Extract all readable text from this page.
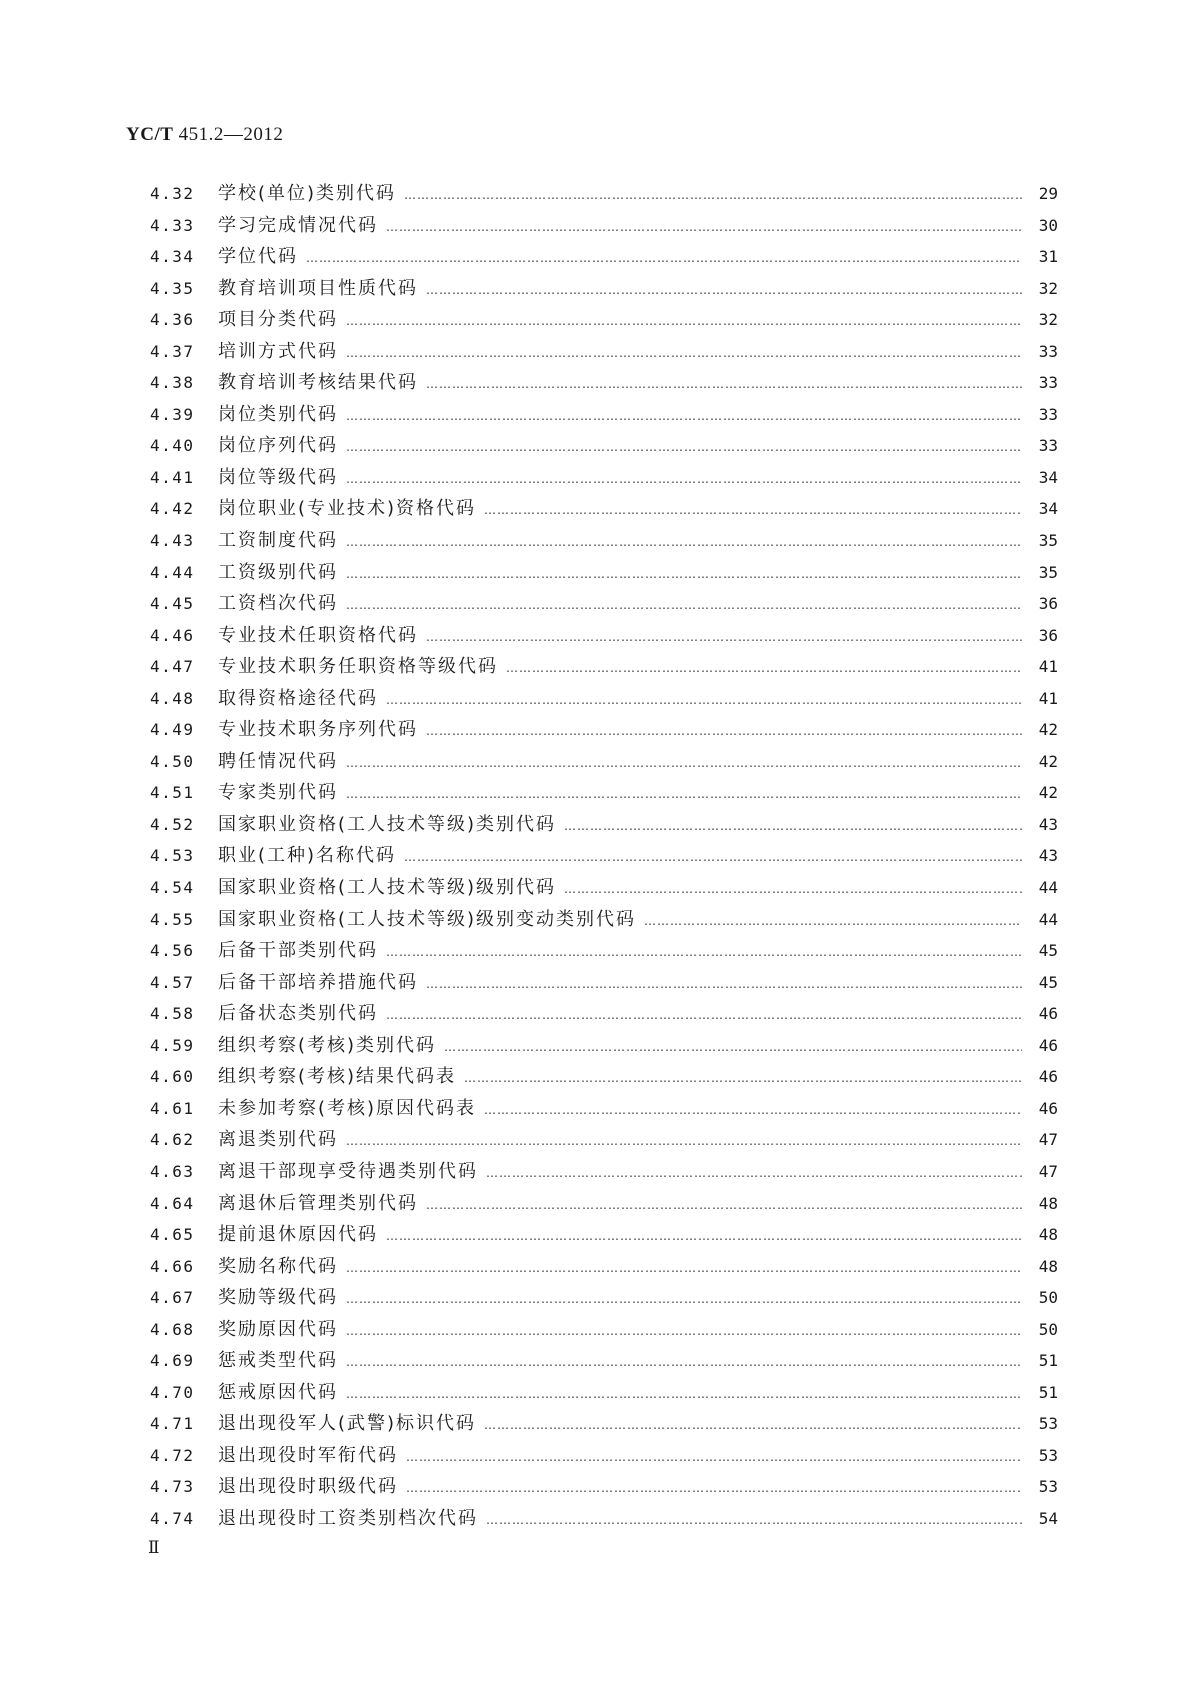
YC/T 451.2—2012
4.32	学校(单位)类别代码 …………………………………………………………………………………………………………………………………………………………………………………………………………………………………………	29
4.33	学习完成情况代码 …………………………………………………………………………………………………………………………………………………………………………………………………………………………………………	30
4.34	学位代码 …………………………………………………………………………………………………………………………………………………………………………………………………………………………………………	31
4.35	教育培训项目性质代码 …………………………………………………………………………………………………………………………………………………………………………………………………………………………………………	32
4.36	项目分类代码 …………………………………………………………………………………………………………………………………………………………………………………………………………………………………………	32
4.37	培训方式代码 …………………………………………………………………………………………………………………………………………………………………………………………………………………………………………	33
4.38	教育培训考核结果代码 …………………………………………………………………………………………………………………………………………………………………………………………………………………………………………	33
4.39	岗位类别代码 …………………………………………………………………………………………………………………………………………………………………………………………………………………………………………	33
4.40	岗位序列代码 …………………………………………………………………………………………………………………………………………………………………………………………………………………………………………	33
4.41	岗位等级代码 …………………………………………………………………………………………………………………………………………………………………………………………………………………………………………	34
4.42	岗位职业(专业技术)资格代码 …………………………………………………………………………………………………………………………………………………………………………………………………………………………………………	34
4.43	工资制度代码 …………………………………………………………………………………………………………………………………………………………………………………………………………………………………………	35
4.44	工资级别代码 …………………………………………………………………………………………………………………………………………………………………………………………………………………………………………	35
4.45	工资档次代码 …………………………………………………………………………………………………………………………………………………………………………………………………………………………………………	36
4.46	专业技术任职资格代码 …………………………………………………………………………………………………………………………………………………………………………………………………………………………………………	36
4.47	专业技术职务任职资格等级代码 …………………………………………………………………………………………………………………………………………………………………………………………………………………………………………	41
4.48	取得资格途径代码 …………………………………………………………………………………………………………………………………………………………………………………………………………………………………………	41
4.49	专业技术职务序列代码 …………………………………………………………………………………………………………………………………………………………………………………………………………………………………………	42
4.50	聘任情况代码 …………………………………………………………………………………………………………………………………………………………………………………………………………………………………………	42
4.51	专家类别代码 …………………………………………………………………………………………………………………………………………………………………………………………………………………………………………	42
4.52	国家职业资格(工人技术等级)类别代码 …………………………………………………………………………………………………………………………………………………………………………………………………………………………………………	43
4.53	职业(工种)名称代码 …………………………………………………………………………………………………………………………………………………………………………………………………………………………………………	43
4.54	国家职业资格(工人技术等级)级别代码 …………………………………………………………………………………………………………………………………………………………………………………………………………………………………………	44
4.55	国家职业资格(工人技术等级)级别变动类别代码 …………………………………………………………………………………………………………………………………………………………………………………………………………………………………………	44
4.56	后备干部类别代码 …………………………………………………………………………………………………………………………………………………………………………………………………………………………………………	45
4.57	后备干部培养措施代码 …………………………………………………………………………………………………………………………………………………………………………………………………………………………………………	45
4.58	后备状态类别代码 …………………………………………………………………………………………………………………………………………………………………………………………………………………………………………	46
4.59	组织考察(考核)类别代码 …………………………………………………………………………………………………………………………………………………………………………………………………………………………………………	46
4.60	组织考察(考核)结果代码表 …………………………………………………………………………………………………………………………………………………………………………………………………………………………………………	46
4.61	未参加考察(考核)原因代码表 …………………………………………………………………………………………………………………………………………………………………………………………………………………………………………	46
4.62	离退类别代码 …………………………………………………………………………………………………………………………………………………………………………………………………………………………………………	47
4.63	离退干部现享受待遇类别代码 …………………………………………………………………………………………………………………………………………………………………………………………………………………………………………	47
4.64	离退休后管理类别代码 …………………………………………………………………………………………………………………………………………………………………………………………………………………………………………	48
4.65	提前退休原因代码 …………………………………………………………………………………………………………………………………………………………………………………………………………………………………………	48
4.66	奖励名称代码 …………………………………………………………………………………………………………………………………………………………………………………………………………………………………………	48
4.67	奖励等级代码 …………………………………………………………………………………………………………………………………………………………………………………………………………………………………………	50
4.68	奖励原因代码 …………………………………………………………………………………………………………………………………………………………………………………………………………………………………………	50
4.69	惩戒类型代码 …………………………………………………………………………………………………………………………………………………………………………………………………………………………………………	51
4.70	惩戒原因代码 …………………………………………………………………………………………………………………………………………………………………………………………………………………………………………	51
4.71	退出现役军人(武警)标识代码 …………………………………………………………………………………………………………………………………………………………………………………………………………………………………………	53
4.72	退出现役时军衔代码 …………………………………………………………………………………………………………………………………………………………………………………………………………………………………………	53
4.73	退出现役时职级代码 …………………………………………………………………………………………………………………………………………………………………………………………………………………………………………	53
4.74	退出现役时工资类别档次代码 …………………………………………………………………………………………………………………………………………………………………………………………………………………………………………	54
Ⅱ
